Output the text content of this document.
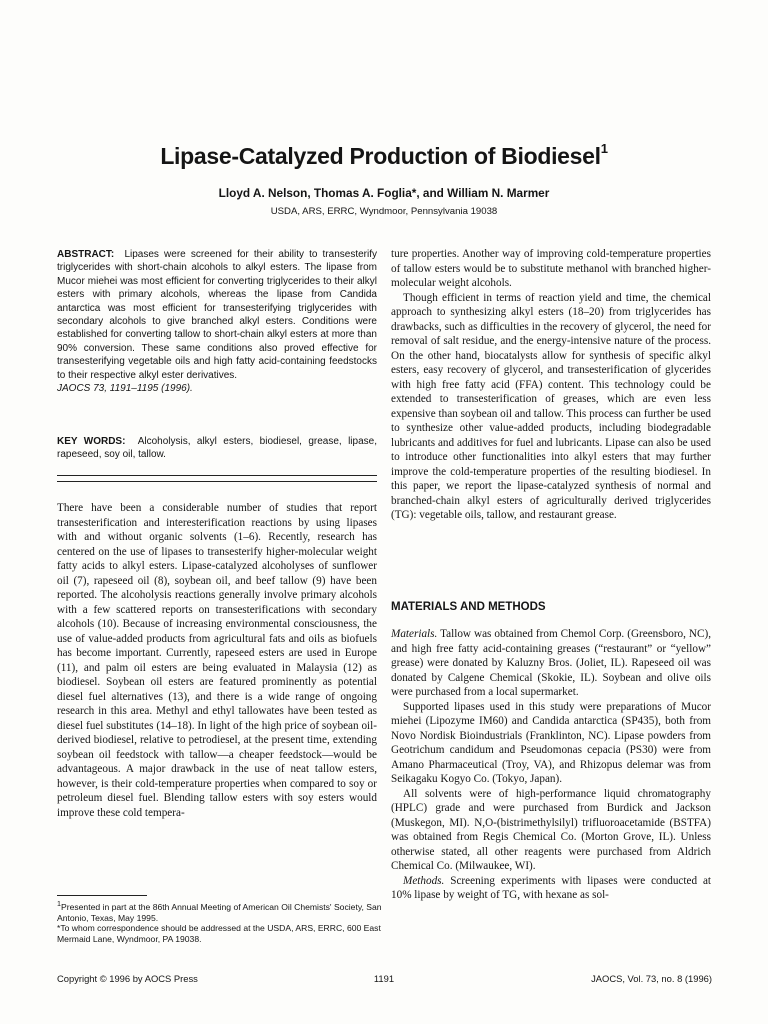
Lipase-Catalyzed Production of Biodiesel$^1$
Lloyd A. Nelson, Thomas A. Foglia*, and William N. Marmer
USDA, ARS, ERRC, Wyndmoor, Pennsylvania 19038
ABSTRACT: Lipases were screened for their ability to transesterify triglycerides with short-chain alcohols to alkyl esters. The lipase from Mucor miehei was most efficient for converting triglycerides to their alkyl esters with primary alcohols, whereas the lipase from Candida antarctica was most efficient for transesterifying triglycerides with secondary alcohols to give branched alkyl esters. Conditions were established for converting tallow to short-chain alkyl esters at more than 90% conversion. These same conditions also proved effective for transesterifying vegetable oils and high fatty acid-containing feedstocks to their respective alkyl ester derivatives.
JAOCS 73, 1191–1195 (1996).
KEY WORDS: Alcoholysis, alkyl esters, biodiesel, grease, lipase, rapeseed, soy oil, tallow.

There have been a considerable number of studies that report transesterification and interesterification reactions by using lipases with and without organic solvents (1–6). Recently, research has centered on the use of lipases to transesterify higher-molecular weight fatty acids to alkyl esters. Lipase-catalyzed alcoholyses of sunflower oil (7), rapeseed oil (8), soybean oil, and beef tallow (9) have been reported. The alcoholysis reactions generally involve primary alcohols with a few scattered reports on transesterifications with secondary alcohols (10). Because of increasing environmental consciousness, the use of value-added products from agricultural fats and oils as biofuels has become important. Currently, rapeseed esters are used in Europe (11), and palm oil esters are being evaluated in Malaysia (12) as biodiesel. Soybean oil esters are featured prominently as potential diesel fuel alternatives (13), and there is a wide range of ongoing research in this area. Methyl and ethyl tallowates have been tested as diesel fuel substitutes (14–18). In light of the high price of soybean oil-derived biodiesel, relative to petrodiesel, at the present time, extending soybean oil feedstock with tallow—a cheaper feedstock—would be advantageous. A major drawback in the use of neat tallow esters, however, is their cold-temperature properties when compared to soy or petroleum diesel fuel. Blending tallow esters with soy esters would improve these cold tempera-

$^1$Presented in part at the 86th Annual Meeting of American Oil Chemists' Society, San Antonio, Texas, May 1995.
*To whom correspondence should be addressed at the USDA, ARS, ERRC, 600 East Mermaid Lane, Wyndmoor, PA 19038.

ture properties. Another way of improving cold-temperature properties of tallow esters would be to substitute methanol with branched higher-molecular weight alcohols.

Though efficient in terms of reaction yield and time, the chemical approach to synthesizing alkyl esters (18–20) from triglycerides has drawbacks, such as difficulties in the recovery of glycerol, the need for removal of salt residue, and the energy-intensive nature of the process. On the other hand, biocatalysts allow for synthesis of specific alkyl esters, easy recovery of glycerol, and transesterification of glycerides with high free fatty acid (FFA) content. This technology could be extended to transesterification of greases, which are even less expensive than soybean oil and tallow. This process can further be used to synthesize other value-added products, including biodegradable lubricants and additives for fuel and lubricants. Lipase can also be used to introduce other functionalities into alkyl esters that may further improve the cold-temperature properties of the resulting biodiesel. In this paper, we report the lipase-catalyzed synthesis of normal and branched-chain alkyl esters of agriculturally derived triglycerides (TG): vegetable oils, tallow, and restaurant grease.

MATERIALS AND METHODS

Materials. Tallow was obtained from Chemol Corp. (Greensboro, NC), and high free fatty acid-containing greases (“restaurant” or “yellow” grease) were donated by Kaluzny Bros. (Joliet, IL). Rapeseed oil was donated by Calgene Chemical (Skokie, IL). Soybean and olive oils were purchased from a local supermarket.

Supported lipases used in this study were preparations of Mucor miehei (Lipozyme IM60) and Candida antarctica (SP435), both from Novo Nordisk Bioindustrials (Franklinton, NC). Lipase powders from Geotrichum candidum and Pseudomonas cepacia (PS30) were from Amano Pharmaceutical (Troy, VA), and Rhizopus delemar was from Seikagaku Kogyo Co. (Tokyo, Japan).

All solvents were of high-performance liquid chromatography (HPLC) grade and were purchased from Burdick and Jackson (Muskegon, MI). N,O-(bistrimethylsilyl) trifluoroacetamide (BSTFA) was obtained from Regis Chemical Co. (Morton Grove, IL). Unless otherwise stated, all other reagents were purchased from Aldrich Chemical Co. (Milwaukee, WI).

Methods. Screening experiments with lipases were conducted at 10% lipase by weight of TG, with hexane as sol-

Copyright © 1996 by AOCS Press	1191	JAOCS, Vol. 73, no. 8 (1996)
